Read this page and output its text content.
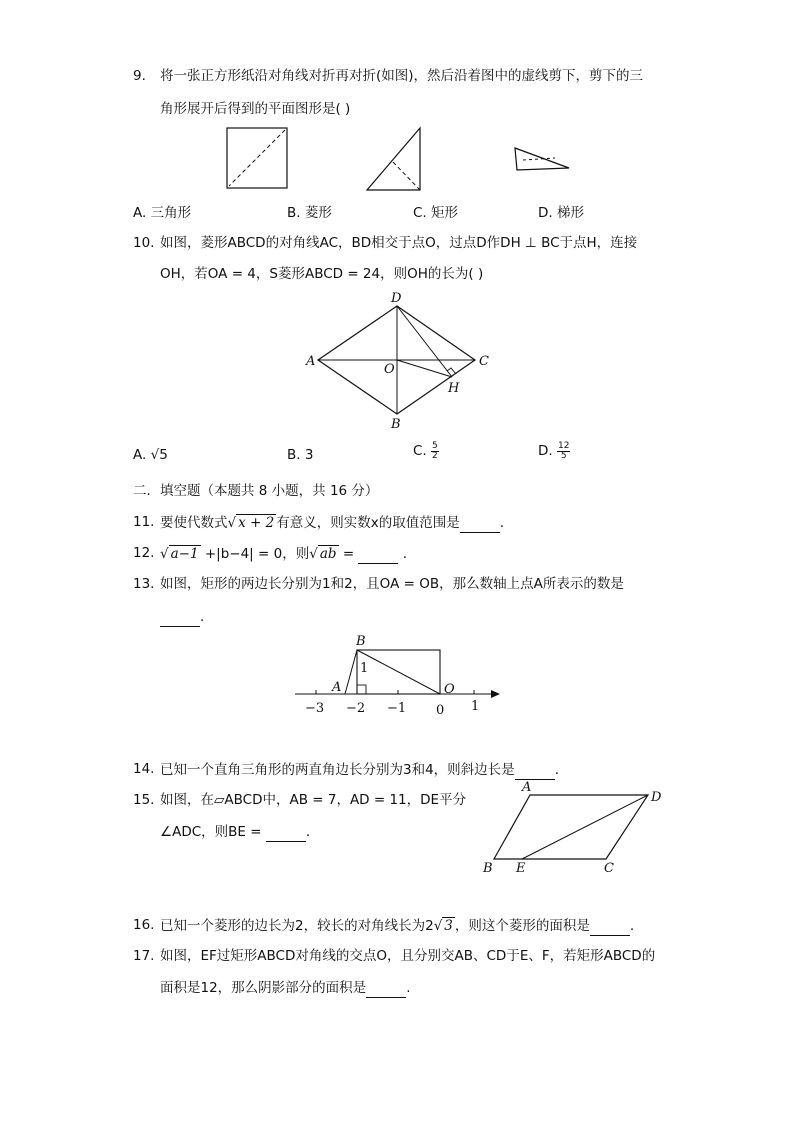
9. 将一张正方形纸沿对角线对折再对折(如图)，然后沿着图中的虚线剪下，剪下的三
角形展开后得到的平面图形是( )
A. 三角形	B. 菱形	C. 矩形	D. 梯形
10. 如图，菱形ABCD的对角线AC，BD相交于点O，过点D作DH ⊥ BC于点H，连接
OH，若OA = 4，S菱形ABCD = 24，则OH的长为( )
D
A
O
C
H
B
A. √5	B. 3	C. $\frac{5}{2}$	D. $\frac{12}{5}$
二．填空题（本题共 8 小题，共 16 分）
11. 要使代数式√ x + 2 有意义，则实数x的取值范围是	.
12. √ a−1 +|b−4| = 0，则√ ab =	.
13. 如图，矩形的两边长分别为1和2，且OA = OB，那么数轴上点A所表示的数是
.
B
A	O
1
−3 −2 −1 0 1
14. 已知一个直角三角形的两直角边长分别为3和4，则斜边长是	.
15. 如图，在▱ABCD中，AB = 7，AD = 11，DE平分
∠ADC，则BE =	.
A
D
B E	C
16. 已知一个菱形的边长为2，较长的对角线长为2√ 3 ，则这个菱形的面积是	.
17. 如图，EF过矩形ABCD对角线的交点O，且分别交AB、CD于E、F，若矩形ABCD的
面积是12，那么阴影部分的面积是	.
